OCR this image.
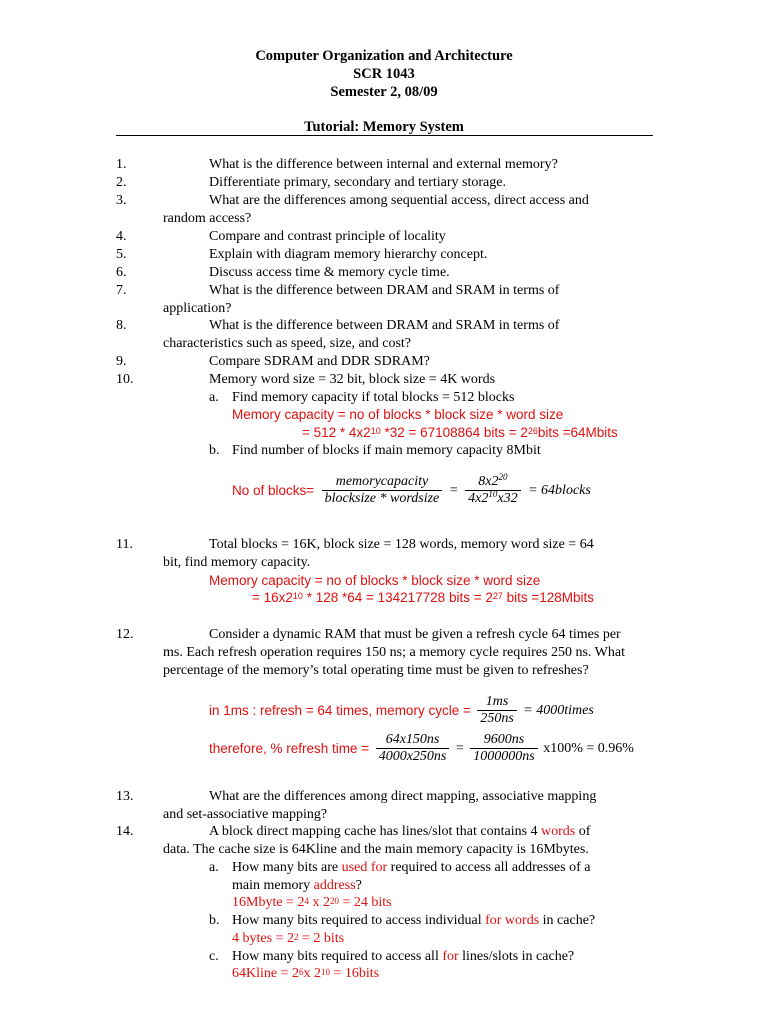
Computer Organization and Architecture
SCR 1043
Semester 2, 08/09
Tutorial: Memory System
1.	What is the difference between internal and external memory?
2.	Differentiate primary, secondary and tertiary storage.
3.	What are the differences among sequential access, direct access and
random access?
4.	Compare and contrast principle of locality
5.	Explain with diagram memory hierarchy concept.
6.	Discuss access time & memory cycle time.
7.	What is the difference between DRAM and SRAM in terms of
application?
8.	What is the difference between DRAM and SRAM in terms of
characteristics such as speed, size, and cost?
9.	Compare SDRAM and DDR SDRAM?
10.	Memory word size = 32 bit, block size = 4K words
a. Find memory capacity if total blocks = 512 blocks
Memory capacity = no of blocks * block size * word size
= $512 * 4x2^{10}$ *32 = 67108864 bits = $2^{26}bits$ =64Mbits
b. Find number of blocks if main memory capacity 8Mbit
No of blocks= $\frac{\text{memorycapacity}}{\text{blocksize * wordsize}} = \frac{8x2^{20}}{4x2^{10}x32}$ = 64blocks
11.	Total blocks = 16K, block size = 128 words, memory word size = 64
bit, find memory capacity.
Memory capacity = no of blocks * block size * word size
= $16x2^{10} * 128$ *64 = 134217728 bits = $2^{27}$ bits =128Mbits
12.	Consider a dynamic RAM that must be given a refresh cycle 64 times per ms. Each refresh operation requires 150 ns; a memory cycle requires 250 ns. What percentage of the memory’s total operating time must be given to refreshes?
in 1ms : refresh = 64 times, memory cycle = $\frac{1ms}{250ns}$ = 4000times
therefore, % refresh time = $\frac{64x150ns}{4000x250ns} = \frac{9600ns}{1000000ns} x100\% = 0.96\%$
13.	What are the differences among direct mapping, associative mapping
and set-associative mapping?
14.	A block direct mapping cache has lines/slot that contains 4 words of
data. The cache size is 64Kline and the main memory capacity is 16Mbytes.
a. How many bits are used for required to access all addresses of a
main memory address?
16Mbyte = $2^4$ x $2^{20} = 24$ bits
b. How many bits required to access individual for words in cache?
4 bytes = $2^2 = 2$ bits
c. How many bits required to access all for lines/slots in cache?
64Kline = $2^6x$ $2^{10}$ = 16bits
